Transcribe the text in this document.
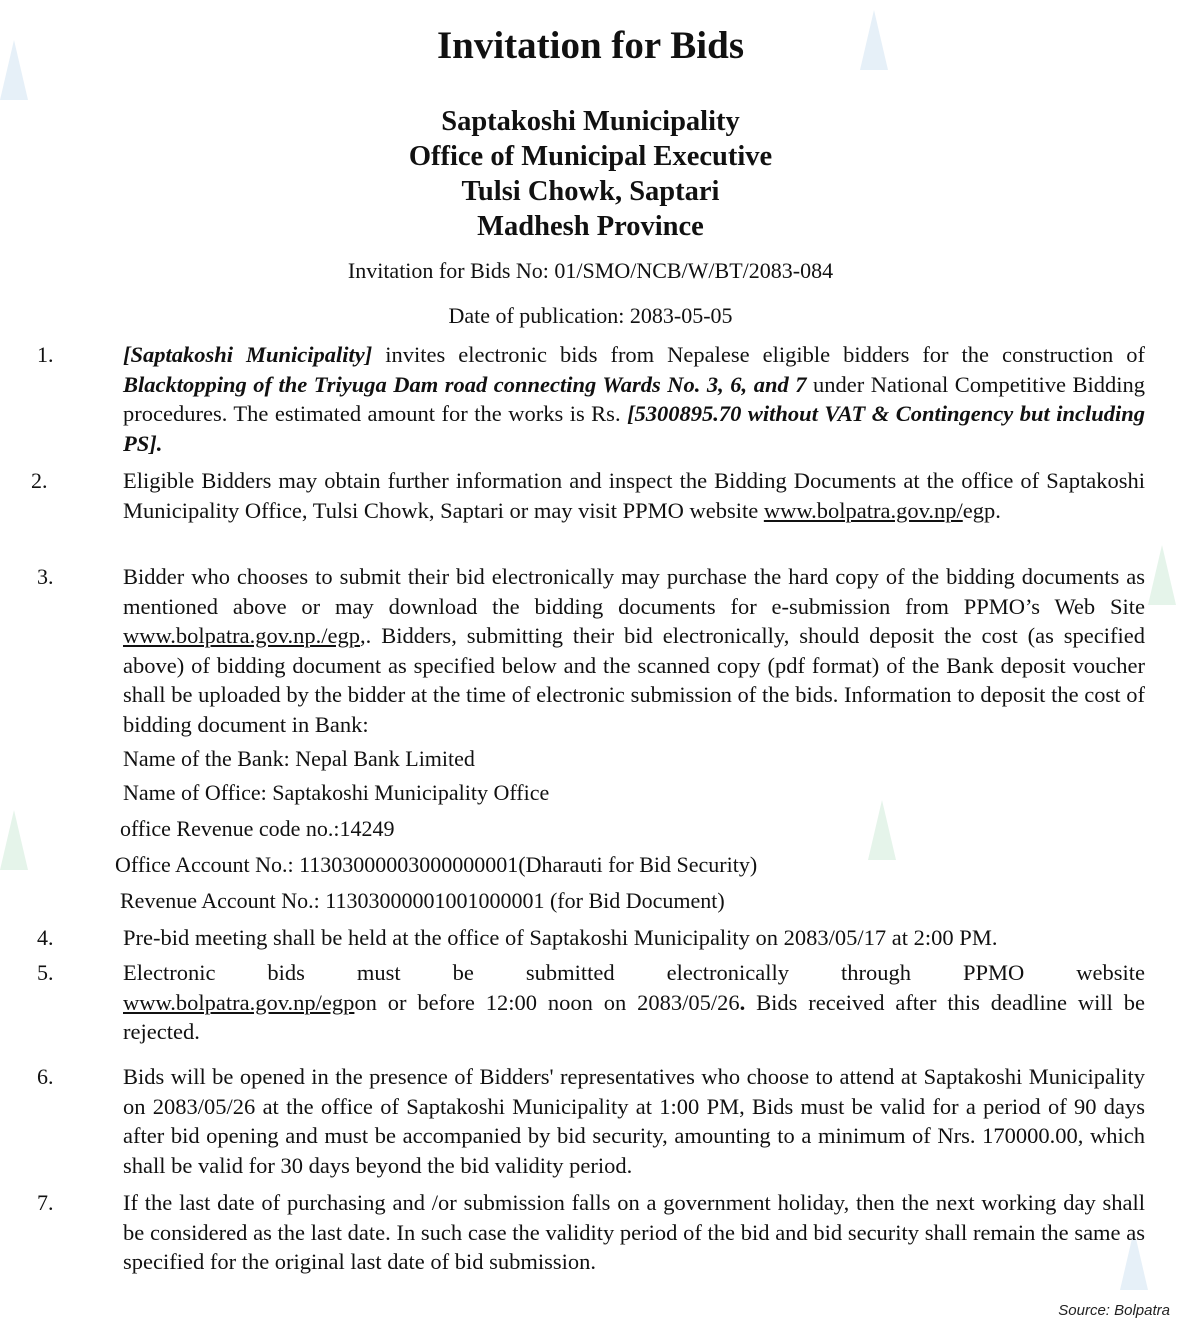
Invitation for Bids
Saptakoshi Municipality
Office of Municipal Executive
Tulsi Chowk, Saptari
Madhesh Province
Invitation for Bids No: 01/SMO/NCB/W/BT/2083-084
Date of publication: 2083-05-05
1.	[Saptakoshi Municipality] invites electronic bids from Nepalese eligible bidders for the construction of Blacktopping of the Triyuga Dam road connecting Wards No. 3, 6, and 7 under National Competitive Bidding procedures. The estimated amount for the works is Rs. [5300895.70 without VAT & Contingency but including PS].
2.	Eligible Bidders may obtain further information and inspect the Bidding Documents at the office of Saptakoshi Municipality Office, Tulsi Chowk, Saptari or may visit PPMO website www.bolpatra.gov.np/egp.
3.	Bidder who chooses to submit their bid electronically may purchase the hard copy of the bidding documents as mentioned above or may download the bidding documents for e-submission from PPMO’s Web Site www.bolpatra.gov.np./egp,. Bidders, submitting their bid electronically, should deposit the cost (as specified above) of bidding document as specified below and the scanned copy (pdf format) of the Bank deposit voucher shall be uploaded by the bidder at the time of electronic submission of the bids. Information to deposit the cost of bidding document in Bank:
Name of the Bank: Nepal Bank Limited
Name of Office: Saptakoshi Municipality Office
office Revenue code no.:14249
Office Account No.: 11303000003000000001(Dharauti for Bid Security)
Revenue Account No.: 11303000001001000001 (for Bid Document)
4.	Pre-bid meeting shall be held at the office of Saptakoshi Municipality on 2083/05/17 at 2:00 PM.
5.	Electronic bids must be submitted electronically through PPMO website
www.bolpatra.gov.np/egpon or before 12:00 noon on 2083/05/26. Bids received after this deadline will be rejected.
6.	Bids will be opened in the presence of Bidders' representatives who choose to attend at Saptakoshi Municipality on 2083/05/26 at the office of Saptakoshi Municipality at 1:00 PM, Bids must be valid for a period of 90 days after bid opening and must be accompanied by bid security, amounting to a minimum of Nrs. 170000.00, which shall be valid for 30 days beyond the bid validity period.
7.	If the last date of purchasing and /or submission falls on a government holiday, then the next working day shall be considered as the last date. In such case the validity period of the bid and bid security shall remain the same as specified for the original last date of bid submission.
Source: Bolpatra
